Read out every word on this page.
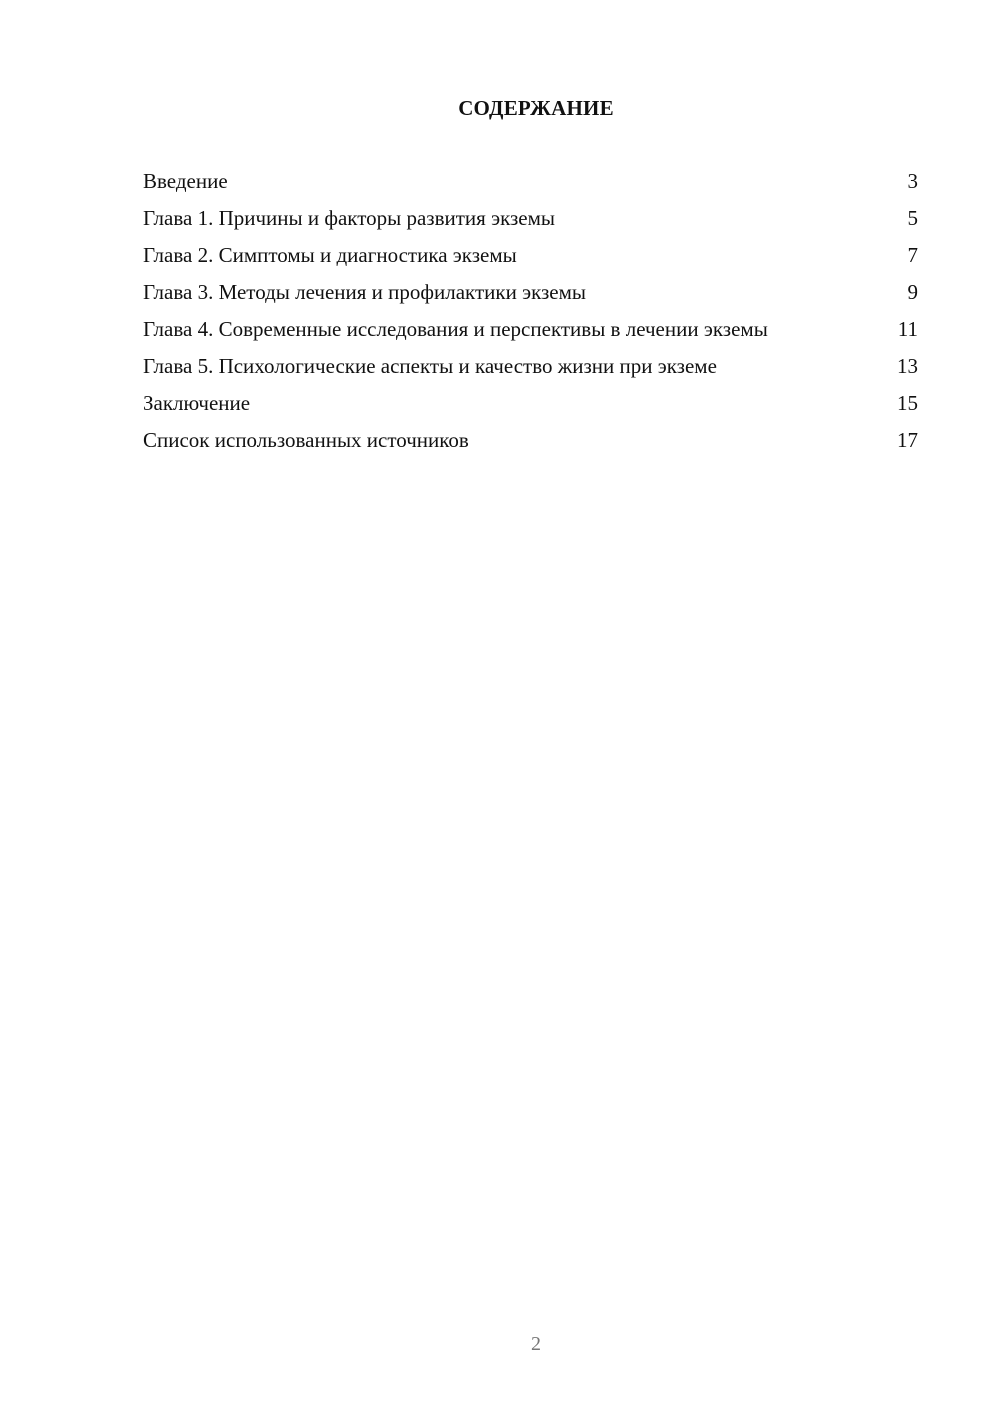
СОДЕРЖАНИЕ
Введение	3
Глава 1. Причины и факторы развития экземы	5
Глава 2. Симптомы и диагностика экземы	7
Глава 3. Методы лечения и профилактики экземы	9
Глава 4. Современные исследования и перспективы в лечении экземы	11
Глава 5. Психологические аспекты и качество жизни при экземе	13
Заключение	15
Список использованных источников	17
2
